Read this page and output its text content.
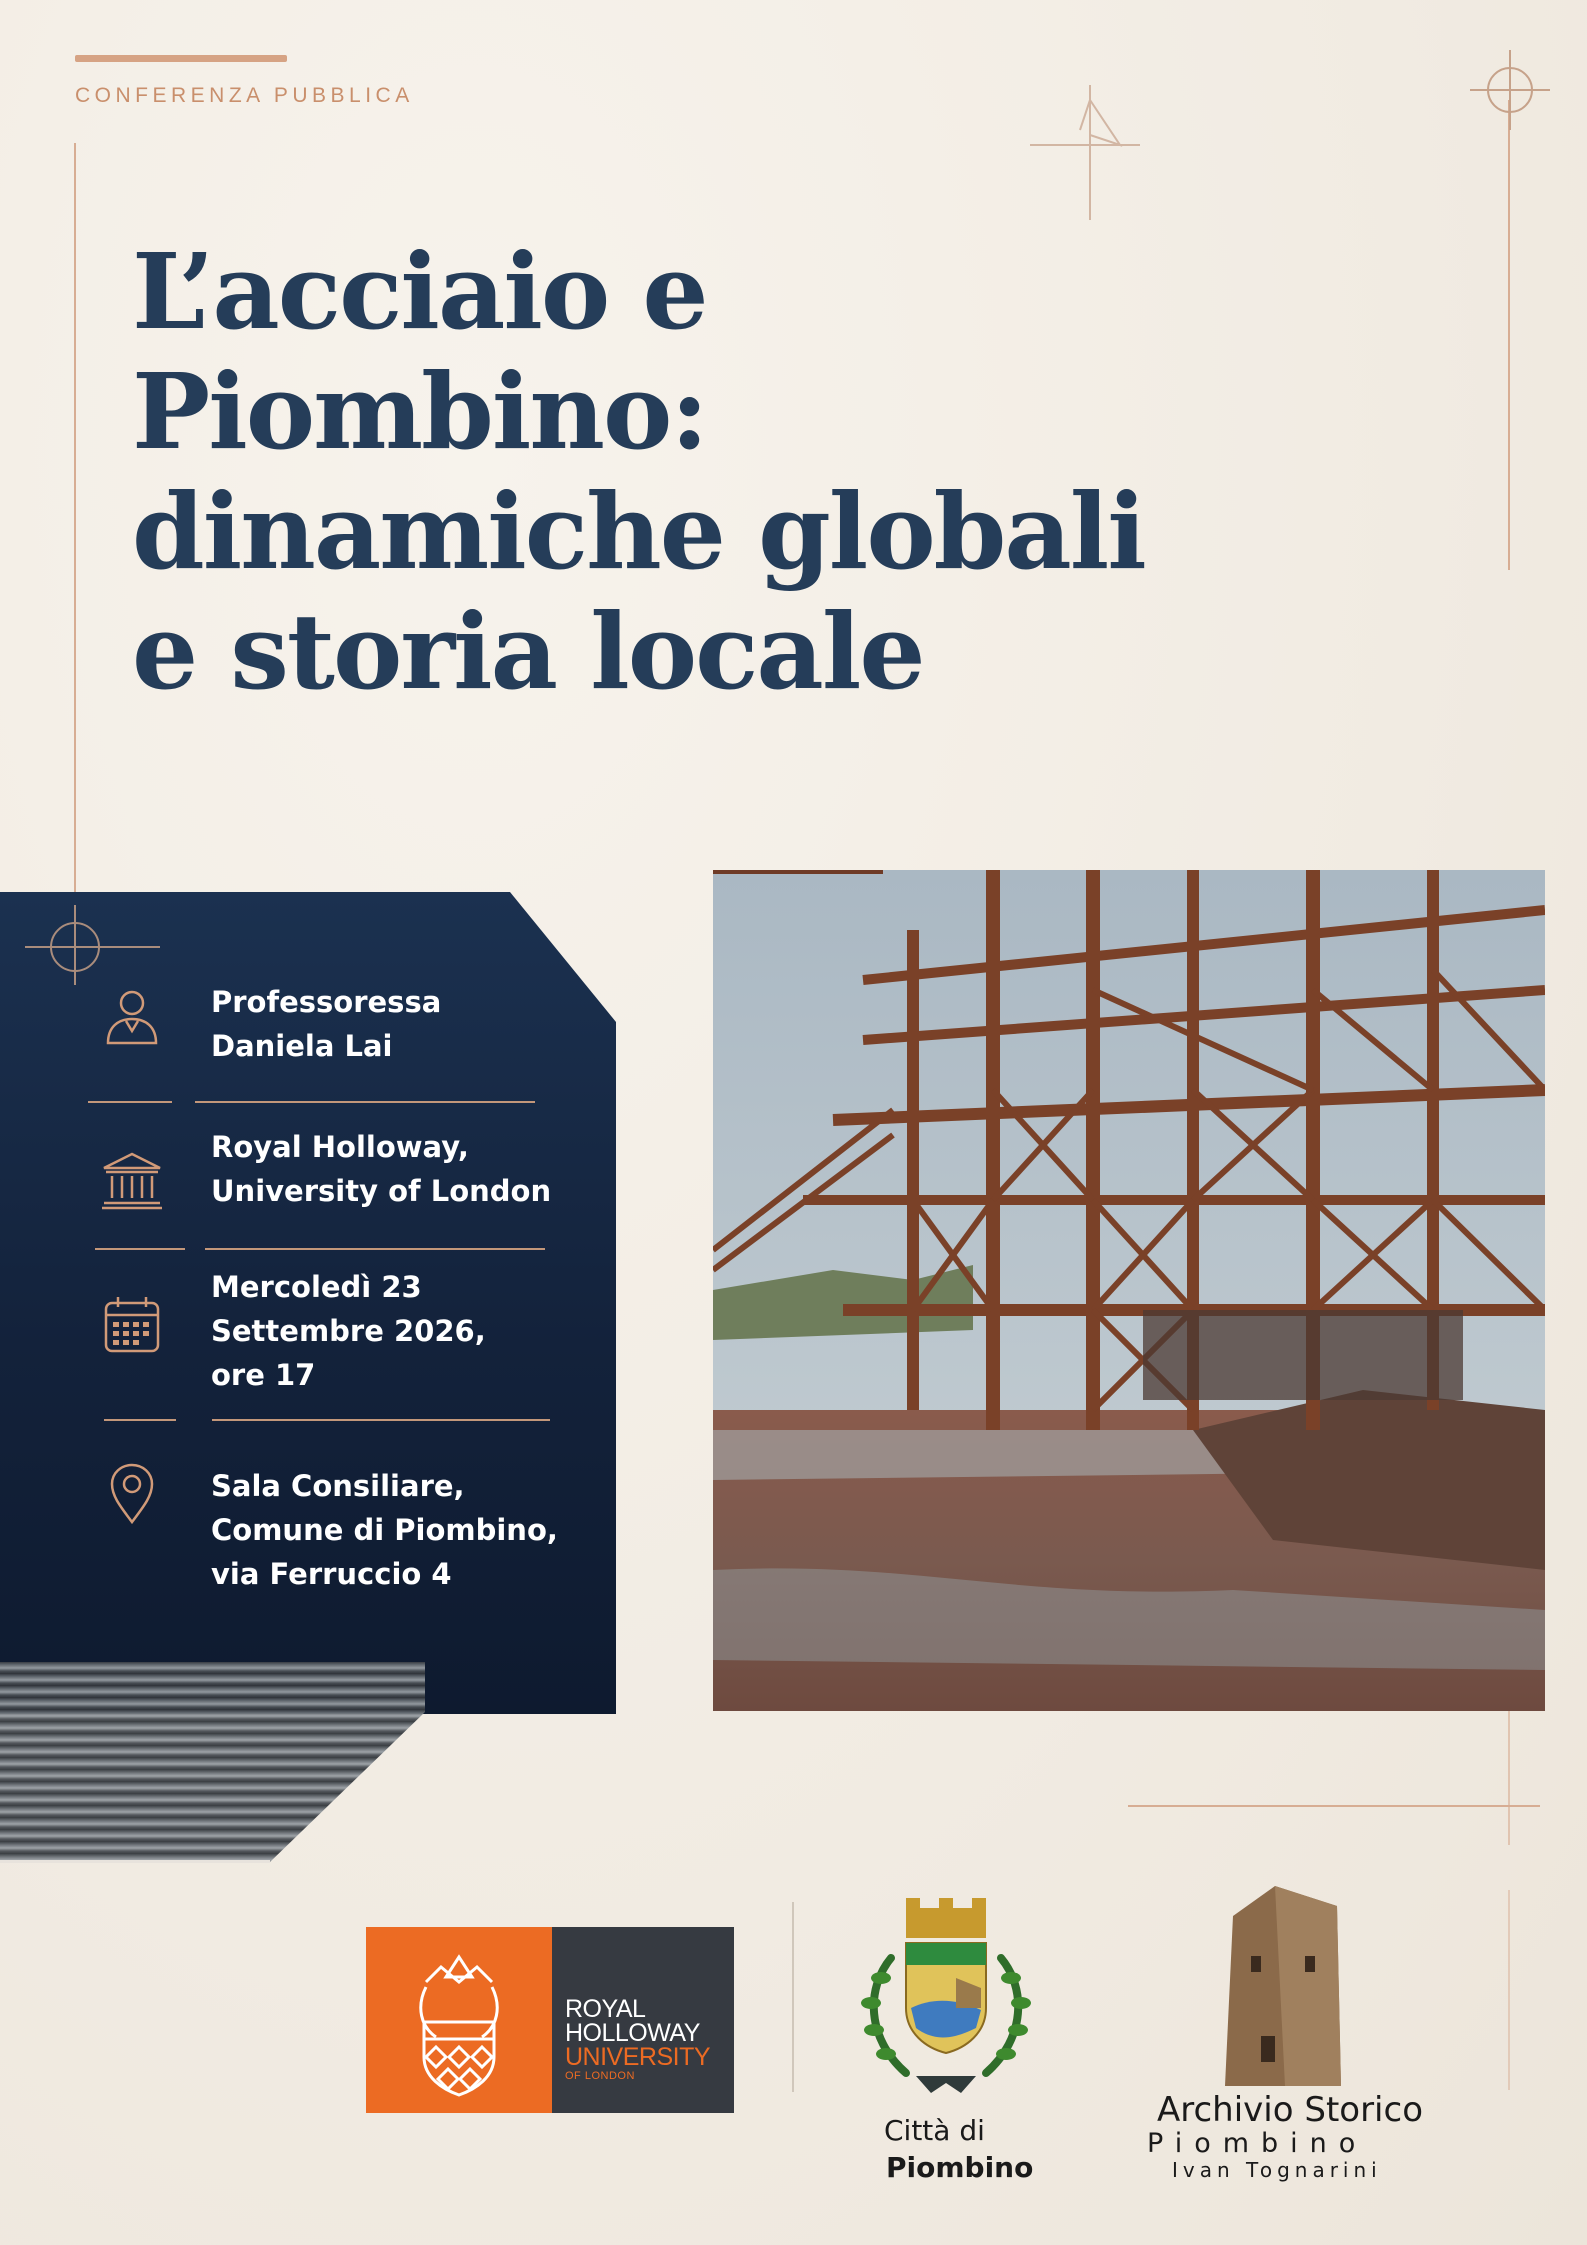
CONFERENZA PUBBLICA
L’acciaio e
Piombino:
dinamiche globali
e storia locale
Professoressa
Daniela Lai
Royal Holloway,
University of London
Mercoledì 23
Settembre 2026,
ore 17
Sala Consiliare,
Comune di Piombino,
via Ferruccio 4
ROYAL
HOLLOWAY
UNIVERSITY
OF LONDON
Città di
Piombino
Archivio Storico
Piombino
Ivan Tognarini
